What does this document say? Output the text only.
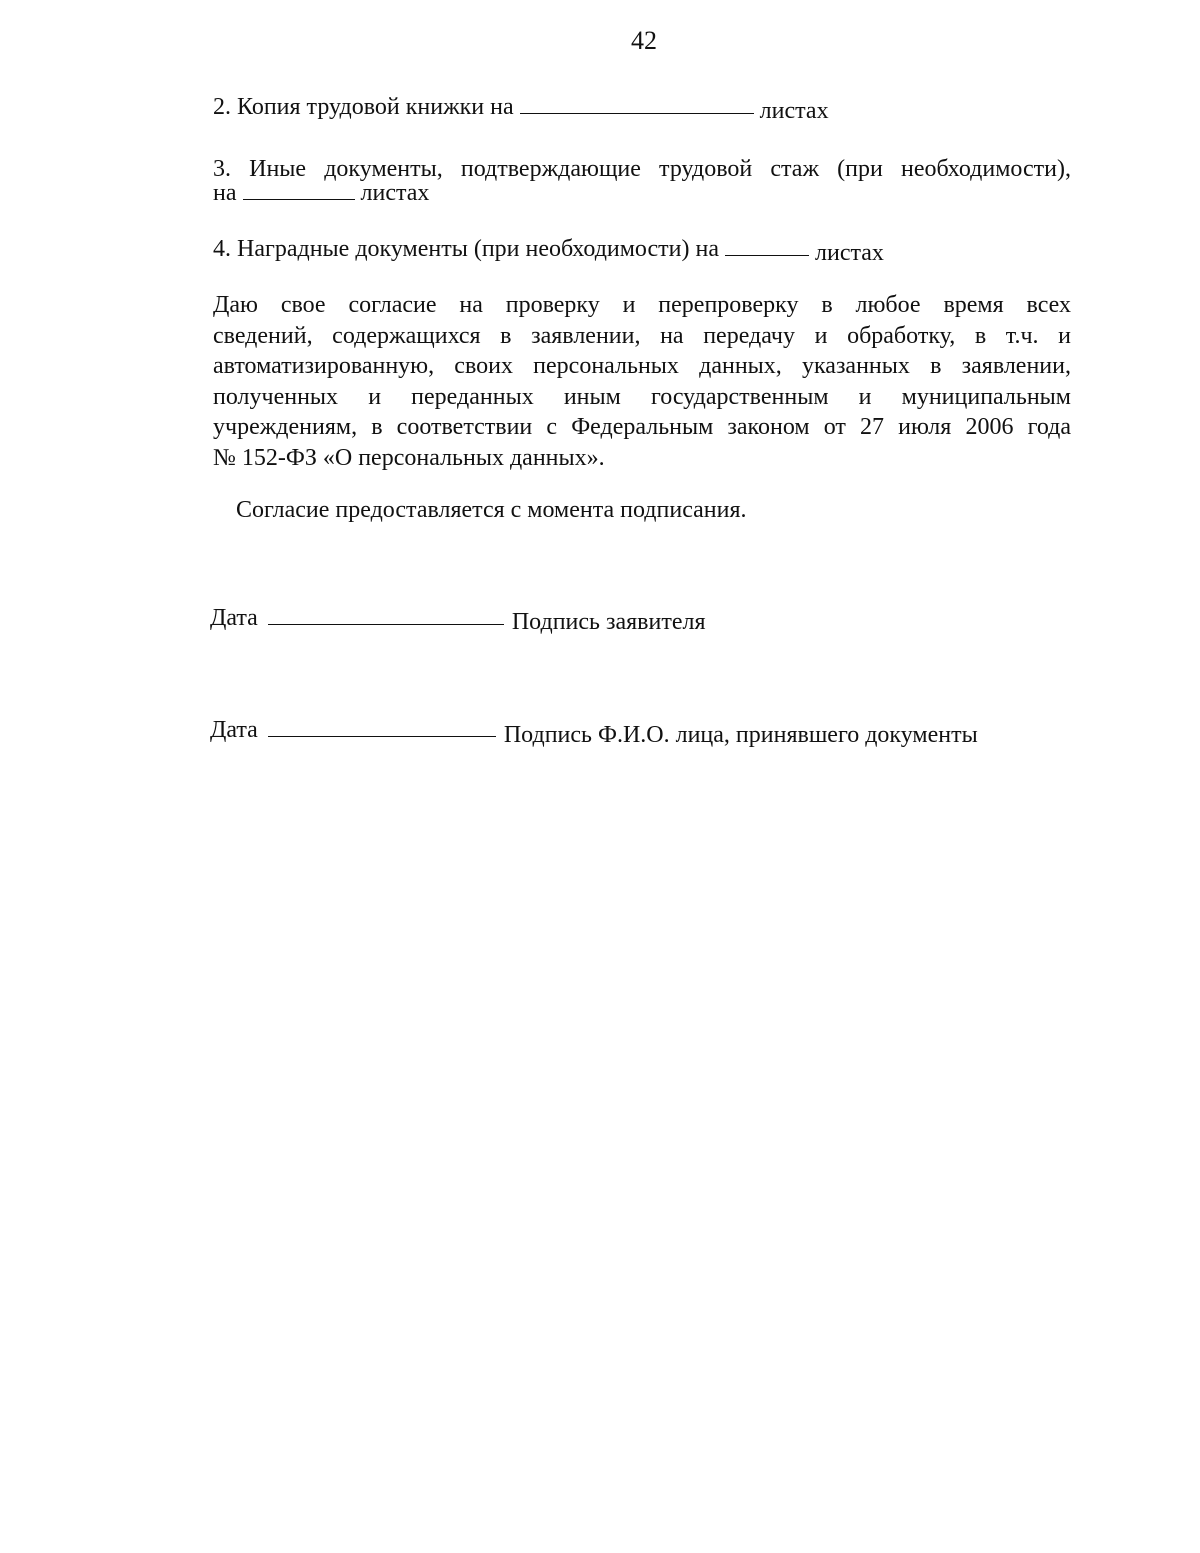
42
2. Копия трудовой книжки на	листах
3. Иные документы, подтверждающие трудовой стаж (при необходимости),
на	листах
4. Наградные документы (при необходимости) на	листах
Даю свое согласие на проверку и перепроверку в любое время всех
сведений, содержащихся в заявлении, на передачу и обработку, в т.ч. и
автоматизированную, своих персональных данных, указанных в заявлении,
полученных и переданных иным государственным и муниципальным
учреждениям, в соответствии с Федеральным законом от 27 июля 2006 года
№ 152-ФЗ «О персональных данных».
Согласие предоставляется с момента подписания.
Дата	Подпись заявителя
Дата	Подпись Ф.И.О. лица, принявшего документы
